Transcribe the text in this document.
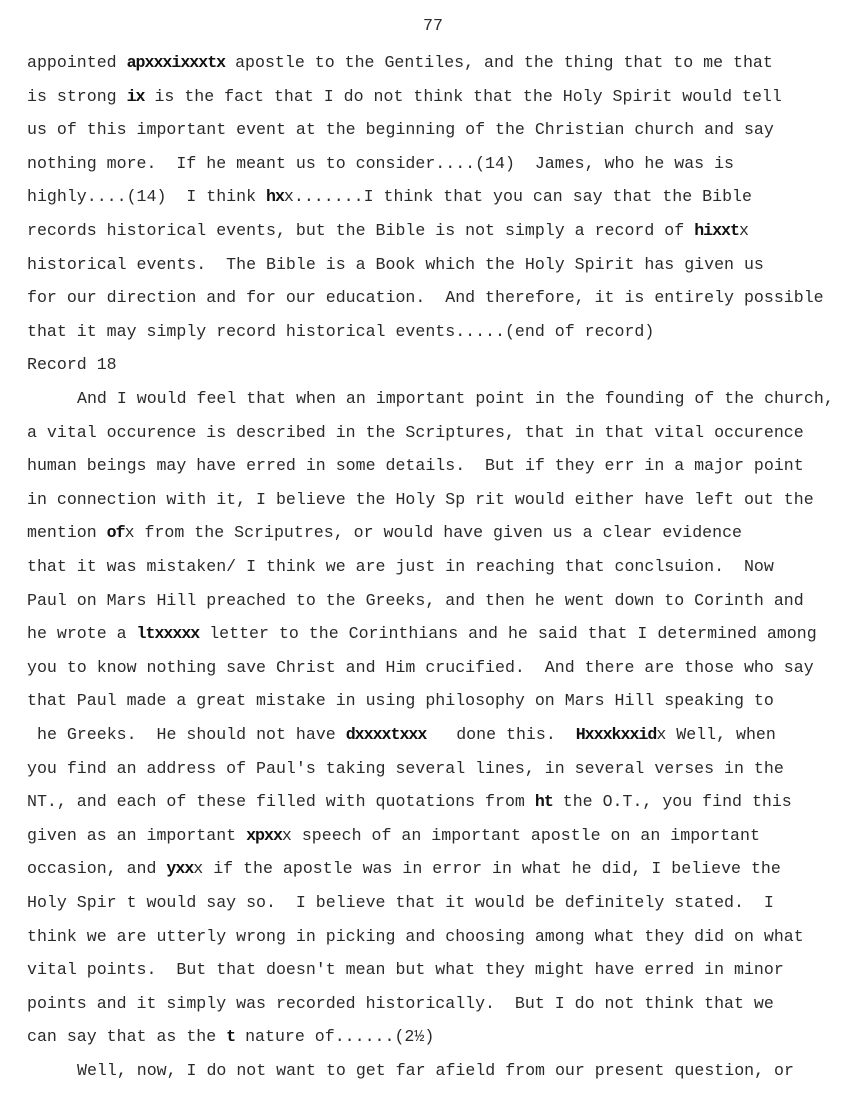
77
appointed apxxxixxxtx apostle to the Gentiles, and the thing that to me that
is strong ix is the fact that I do not think that the Holy Spirit would tell
us of this important event at the beginning of the Christian church and say
nothing more.  If he meant us to consider....(14)  James, who he was is
highly....(14)  I think hxx.......I think that you can say that the Bible
records historical events, but the Bible is not simply a record of hixxtx
historical events.  The Bible is a Book which the Holy Spirit has given us
for our direction and for our education.  And therefore, it is entirely possible
that it may simply record historical events.....(end of record)
Record 18
And I would feel that when an important point in the founding of the church,
a vital occurence is described in the Scriptures, that in that vital occurence
human beings may have erred in some details.  But if they err in a major point
in connection with it, I believe the Holy Sp rit would either have left out the
mention ofx from the Scriputres, or would have given us a clear evidence
that it was mistaken/ I think we are just in reaching that conclsuion.  Now
Paul on Mars Hill preached to the Greeks, and then he went down to Corinth and
he wrote a ltxxxxx letter to the Corinthians and he said that I determined among
you to know nothing save Christ and Him crucified.  And there are those who say
that Paul made a great mistake in using philosophy on Mars Hill speaking to
he Greeks.  He should not have dxxxxtxxx   done this.  Hxxxkxxidx Well, when
you find an address of Paul's taking several lines, in several verses in the
NT., and each of these filled with quotations from ht the O.T., you find this
given as an important xpxxx speech of an important apostle on an important
occasion, and yxxx if the apostle was in error in what he did, I believe the
Holy Spir t would say so.  I believe that it would be definitely stated.  I
think we are utterly wrong in picking and choosing among what they did on what
vital points.  But that doesn't mean but what they might have erred in minor
points and it simply was recorded historically.  But I do not think that we
can say that as the t nature of......(2½)
Well, now, I do not want to get far afield from our present question, or
